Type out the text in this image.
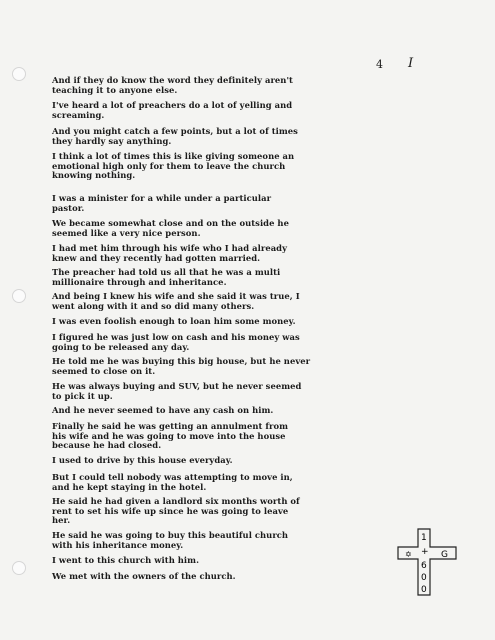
4 I

And if they do know the word they definitely aren't
teaching it to anyone else.

I've heard a lot of preachers do a lot of yelling and
screaming.

And you might catch a few points, but a lot of times
they hardly say anything.

I think a lot of times this is like giving someone an
emotional high only for them to leave the church
knowing nothing.

I was a minister for a while under a particular
pastor.

We became somewhat close and on the outside he
seemed like a very nice person.

I had met him through his wife who I had already
knew and they recently had gotten married.

The preacher had told us all that he was a multi
millionaire through and inheritance.

And being I knew his wife and she said it was true, I
went along with it and so did many others.

I was even foolish enough to loan him some money.

I figured he was just low on cash and his money was
going to be released any day.

He told me he was buying this big house, but he never
seemed to close on it.

He was always buying and SUV, but he never seemed
to pick it up.

And he never seemed to have any cash on him.

Finally he said he was getting an annulment from
his wife and he was going to move into the house
because he had closed.

I used to drive by this house everyday.

But I could tell nobody was attempting to move in,
and he kept staying in the hotel.

He said he had given a landlord six months worth of
rent to set his wife up since he was going to leave
her.

He said he was going to buy this beautiful church
with his inheritance money.

I went to this church with him.

We met with the owners of the church.

✡	G
1
+
6
0
0
